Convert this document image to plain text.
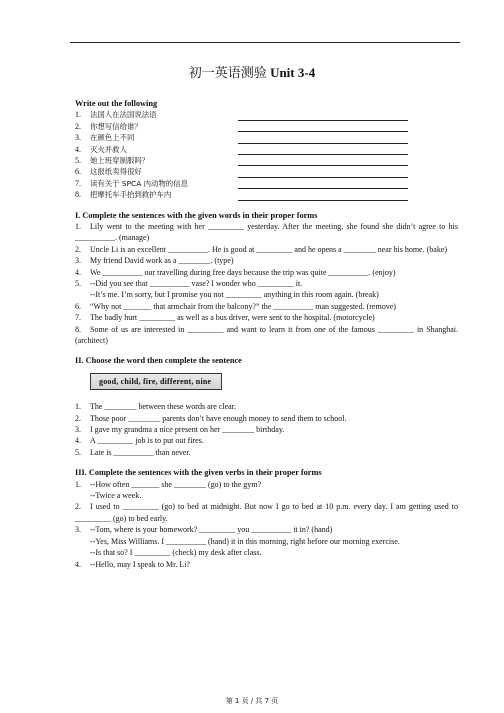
初一英语测验 Unit 3-4

Write out the following

1.	法国人在法国说法语
2.	你想写信给谁？
3.	在颜色上不同
4.	灭火并救人
5.	她上班穿制服吗？
6.	这报纸卖得很好
7.	读有关于 SPCA 内动物的信息
8.	把摩托车手抬到救护车内

I. Complete the sentences with the given words in their proper forms

1. Lily went to the meeting with her _________ yesterday. After the meeting, she found she didn’t agree to his __________. (manage)
2. Uncle Li is an excellent __________. He is good at _________ and he opens a ________ near his home. (bake)
3. My friend David work as a ________. (type)
4. We __________ our travelling during free days because the trip was quite __________. (enjoy)
5. --Did you see that __________ vase? I wonder who _________ it.
--It’s me. I’m sorry, but I promise you not _________ anything in this room again. (break)
6. “Why not _______ that armchair from the balcony?” the __________ man suggested. (remove)
7. The badly hurt _________ as well as a bus driver, were sent to the hospital. (motorcycle)
8. Some of us are interested in _________ and want to learn it from one of the famous _________ in Shanghai. (architect)

II. Choose the word then complete the sentence

good, child, fire, different, nine
1. The ________ between these words are clear.
2. Those poor ________ parents don’t have enough money to send them to school.
3. I gave my grandma a nice present on her ________ birthday.
4. A _________ job is to put out fires.
5. Late is __________ than never.

III. Complete the sentences with the given verbs in their proper forms

1. --How often _______ she ________ (go) to the gym?
--Twice a week.
2. I used to _________ (go) to bed at midnight. But now I go to bed at 10 p.m. every day. I am getting used to _________ (go) to bed early.
3. --Tom, where is your homework? _________ you __________ it in? (hand)
--Yes, Miss Williams. I __________ (hand) it in this morning, right before our morning exercise.
--Is that so? I _________ (check) my desk after class.
4. --Hello, may I speak to Mr. Li?
第 1 页 / 共 7 页
